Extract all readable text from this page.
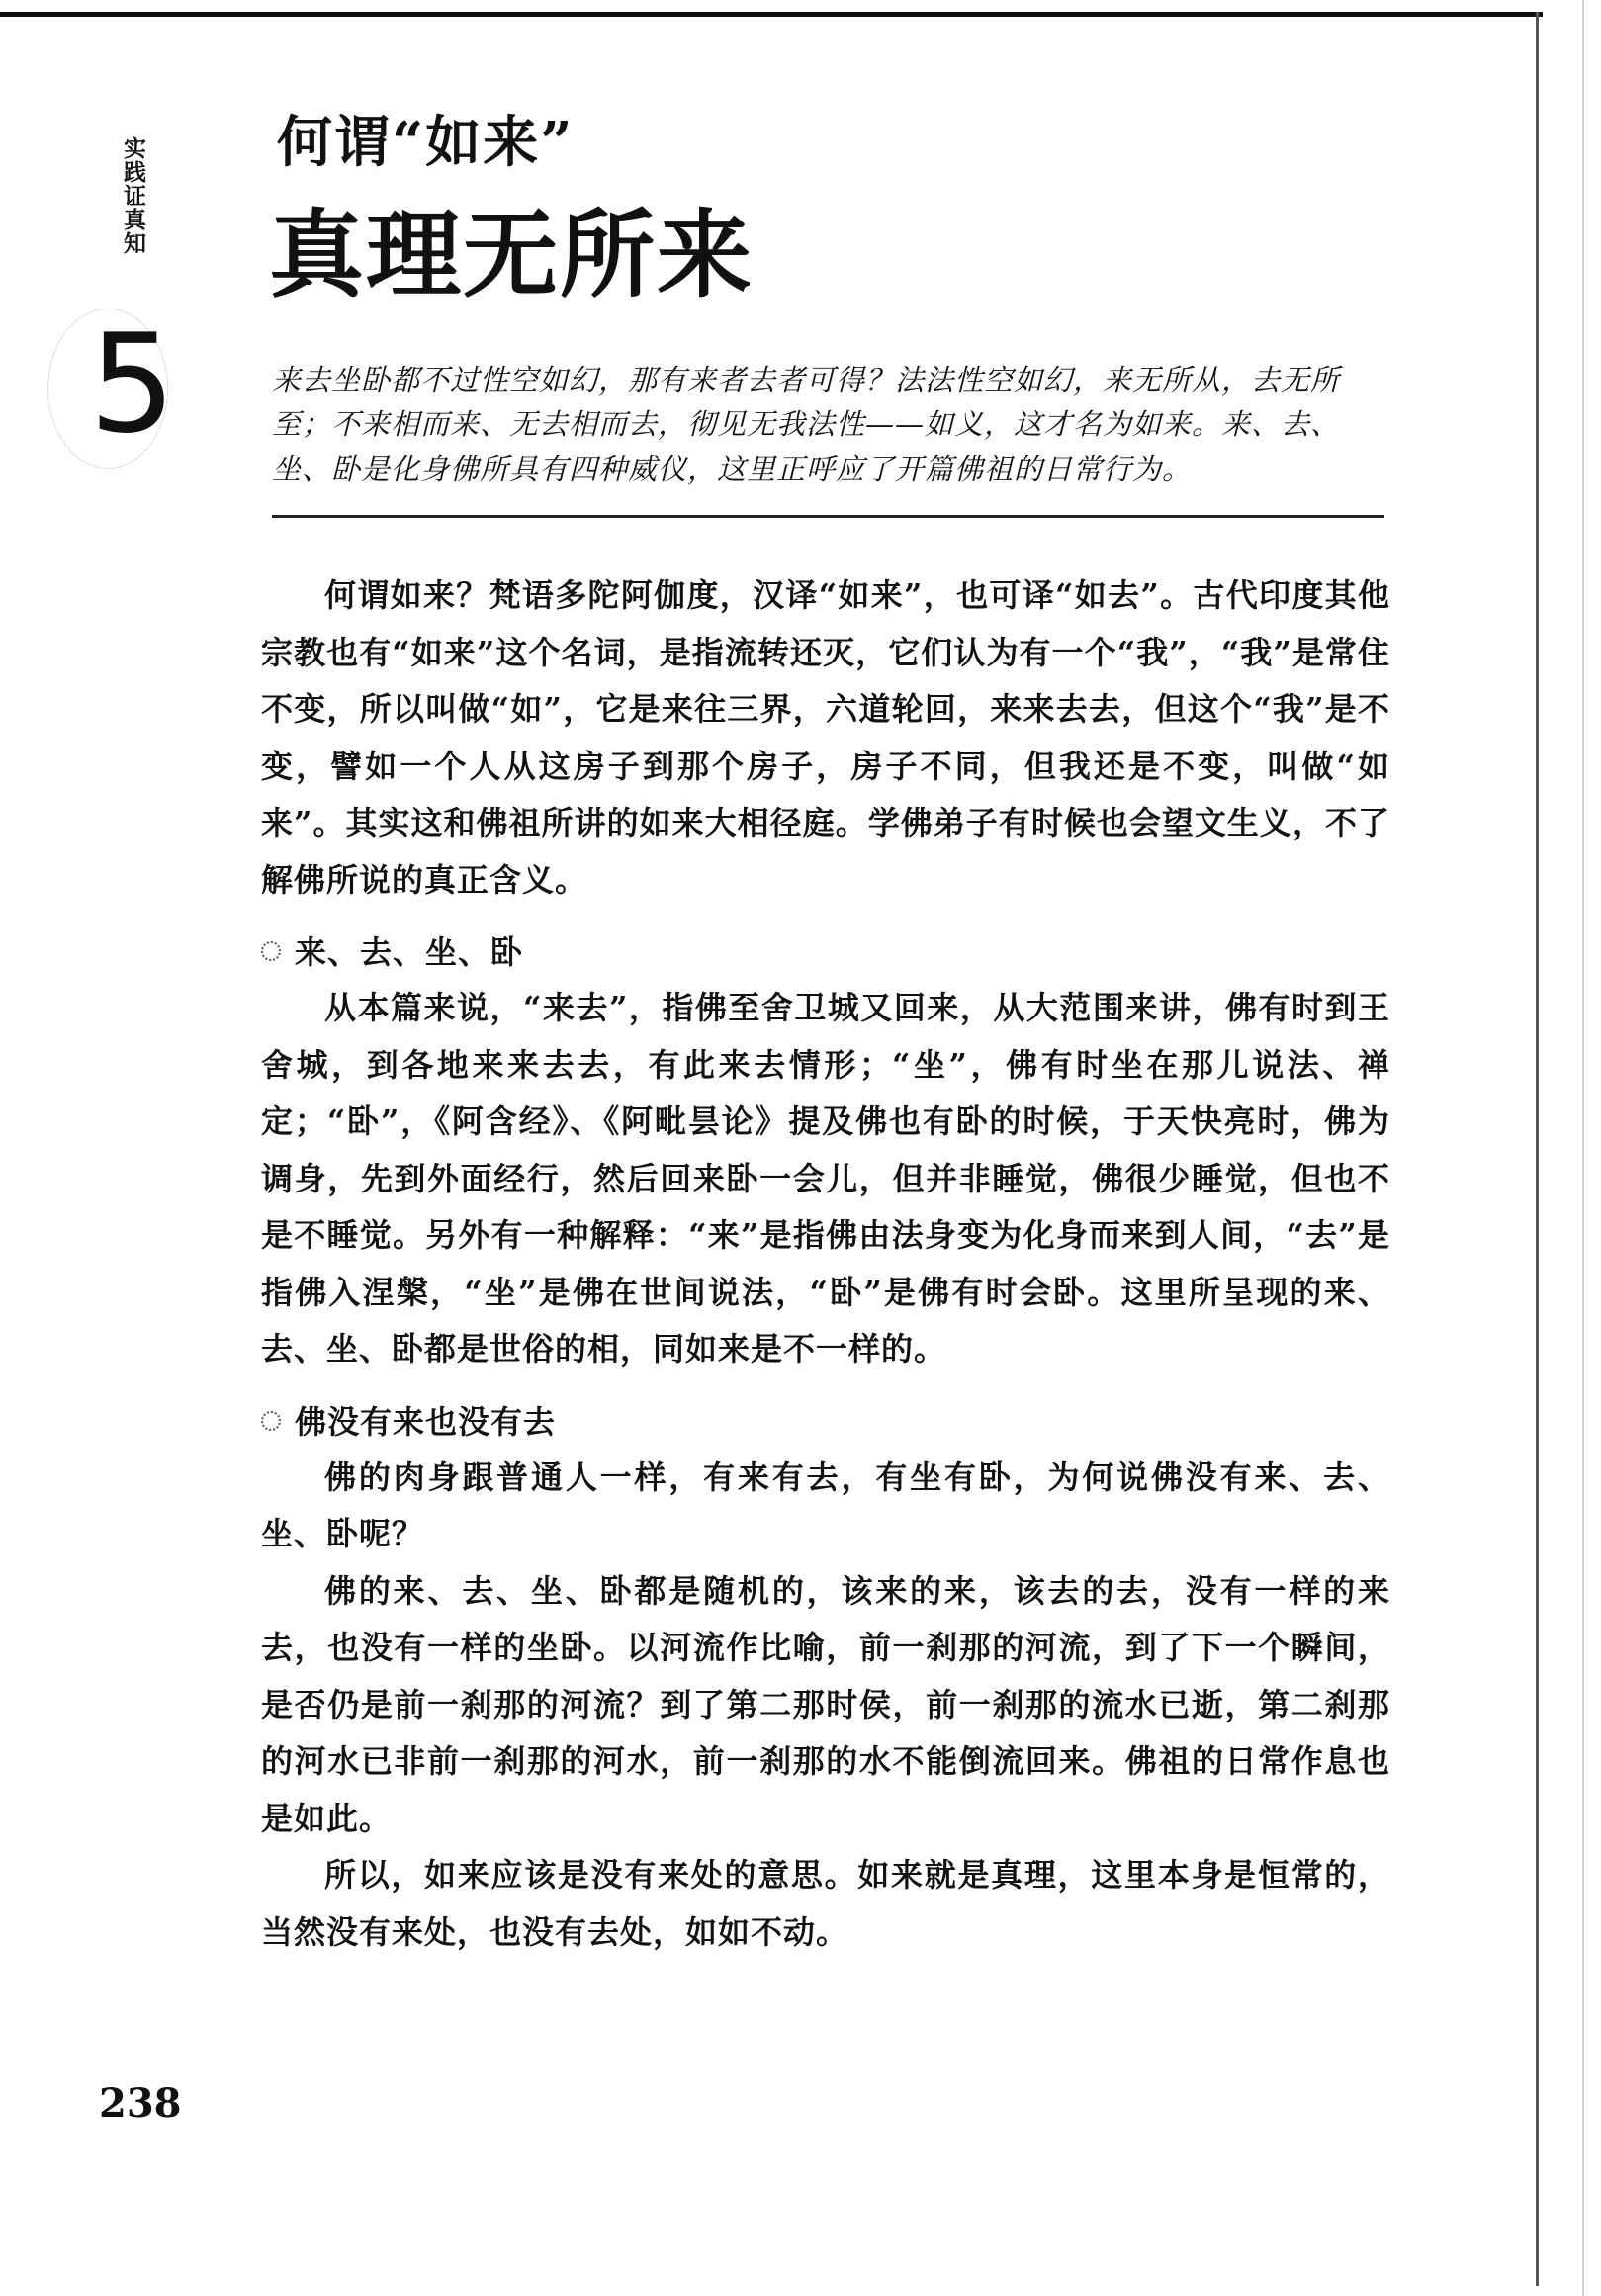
实践证真知
5
何谓“如来”
真理无所来
来去坐卧都不过性空如幻，那有来者去者可得？法法性空如幻，来无所从，去无所至；不来相而来、无去相而去，彻见无我法性——如义，这才名为如来。来、去、坐、卧是化身佛所具有四种威仪，这里正呼应了开篇佛祖的日常行为。

何谓如来？梵语多陀阿伽度，汉译“如来”，也可译“如去”。古代印度其他宗教也有“如来”这个名词，是指流转还灭，它们认为有一个“我”，“我”是常住不变，所以叫做“如”，它是来往三界，六道轮回，来来去去，但这个“我”是不变，譬如一个人从这房子到那个房子，房子不同，但我还是不变，叫做“如来”。其实这和佛祖所讲的如来大相径庭。学佛弟子有时候也会望文生义，不了解佛所说的真正含义。

来、去、坐、卧

从本篇来说，“来去”，指佛至舍卫城又回来，从大范围来讲，佛有时到王舍城，到各地来来去去，有此来去情形；“坐”，佛有时坐在那儿说法、禅定；“卧”，《阿含经》、《阿毗昙论》提及佛也有卧的时候，于天快亮时，佛为调身，先到外面经行，然后回来卧一会儿，但并非睡觉，佛很少睡觉，但也不是不睡觉。另外有一种解释：“来”是指佛由法身变为化身而来到人间，“去”是指佛入涅槃，“坐”是佛在世间说法，“卧”是佛有时会卧。这里所呈现的来、去、坐、卧都是世俗的相，同如来是不一样的。

佛没有来也没有去

佛的肉身跟普通人一样，有来有去，有坐有卧，为何说佛没有来、去、坐、卧呢？

佛的来、去、坐、卧都是随机的，该来的来，该去的去，没有一样的来去，也没有一样的坐卧。以河流作比喻，前一刹那的河流，到了下一个瞬间，是否仍是前一刹那的河流？到了第二那时侯，前一刹那的流水已逝，第二刹那的河水已非前一刹那的河水，前一刹那的水不能倒流回来。佛祖的日常作息也是如此。

所以，如来应该是没有来处的意思。如来就是真理，这里本身是恒常的，当然没有来处，也没有去处，如如不动。

238
